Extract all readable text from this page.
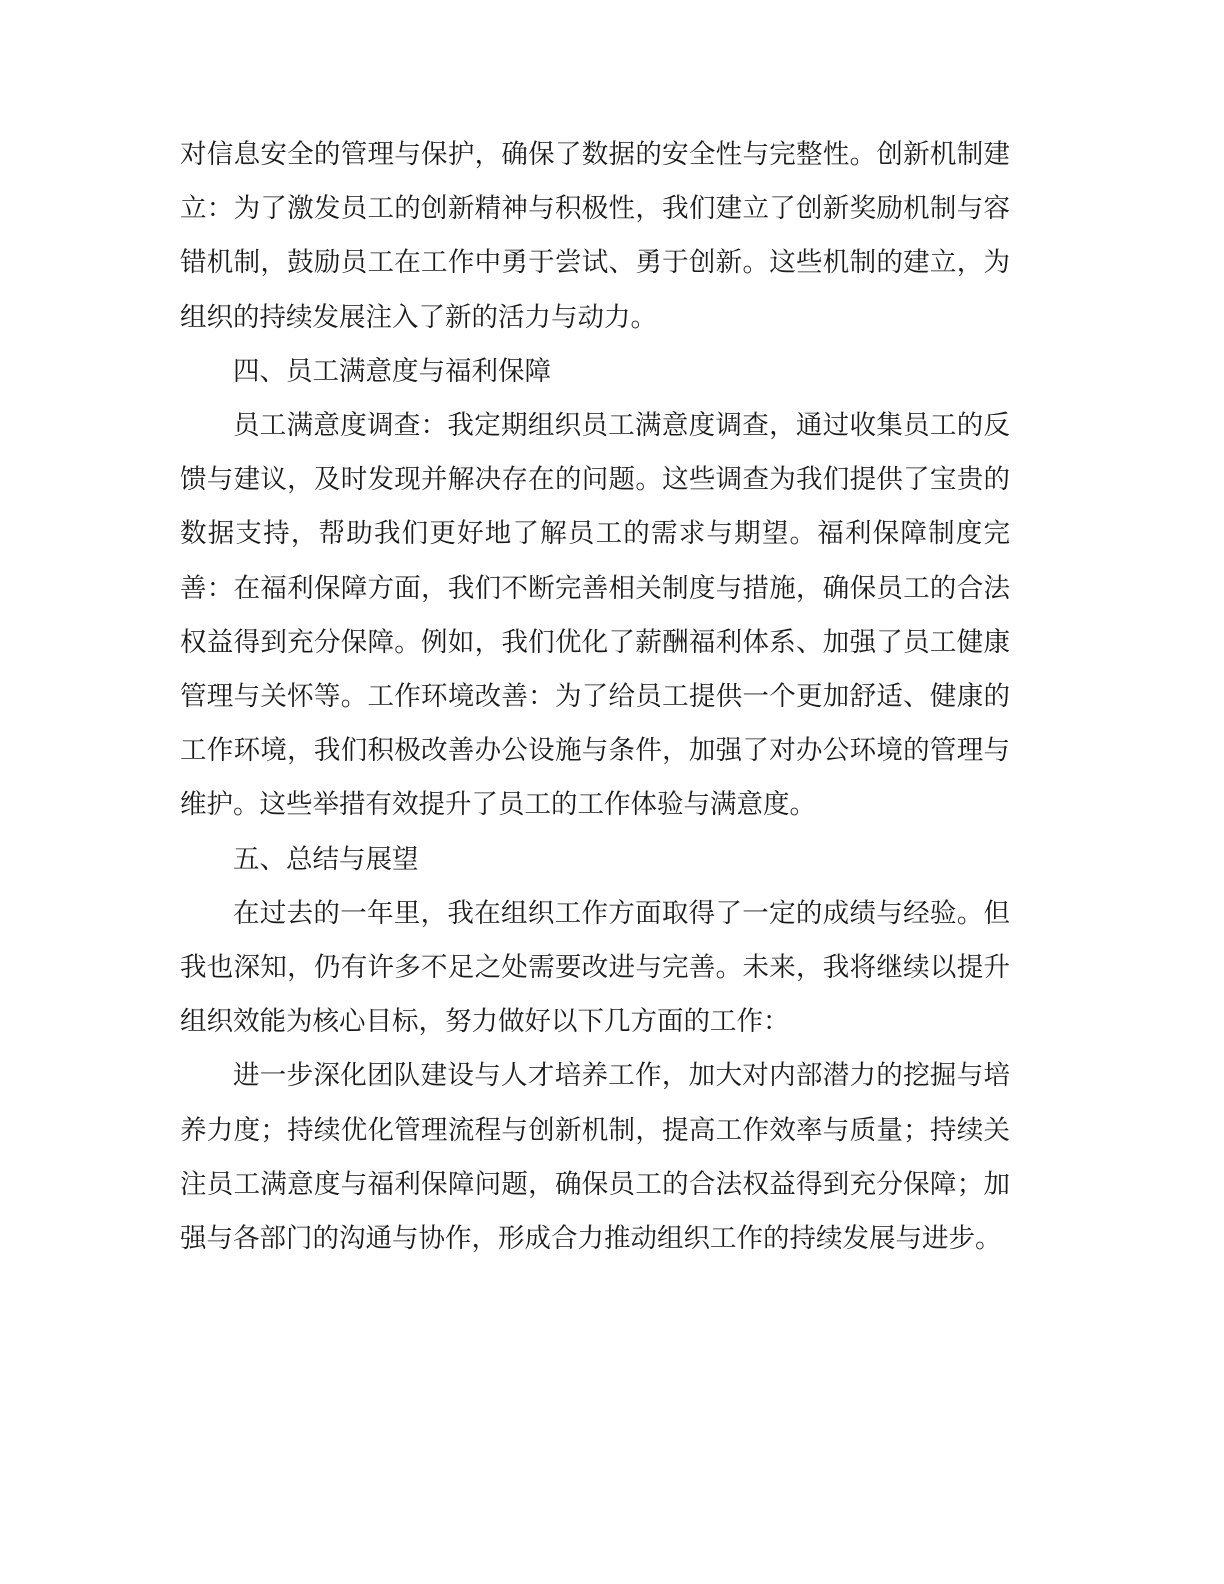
对信息安全的管理与保护，确保了数据的安全性与完整性。创新机制建立：为了激发员工的创新精神与积极性，我们建立了创新奖励机制与容错机制，鼓励员工在工作中勇于尝试、勇于创新。这些机制的建立，为组织的持续发展注入了新的活力与动力。

四、员工满意度与福利保障

员工满意度调查：我定期组织员工满意度调查，通过收集员工的反馈与建议，及时发现并解决存在的问题。这些调查为我们提供了宝贵的数据支持，帮助我们更好地了解员工的需求与期望。福利保障制度完善：在福利保障方面，我们不断完善相关制度与措施，确保员工的合法权益得到充分保障。例如，我们优化了薪酬福利体系、加强了员工健康管理与关怀等。工作环境改善：为了给员工提供一个更加舒适、健康的工作环境，我们积极改善办公设施与条件，加强了对办公环境的管理与维护。这些举措有效提升了员工的工作体验与满意度。

五、总结与展望

在过去的一年里，我在组织工作方面取得了一定的成绩与经验。但我也深知，仍有许多不足之处需要改进与完善。未来，我将继续以提升组织效能为核心目标，努力做好以下几方面的工作：

进一步深化团队建设与人才培养工作，加大对内部潜力的挖掘与培养力度；持续优化管理流程与创新机制，提高工作效率与质量；持续关注员工满意度与福利保障问题，确保员工的合法权益得到充分保障；加强与各部门的沟通与协作，形成合力推动组织工作的持续发展与进步。
